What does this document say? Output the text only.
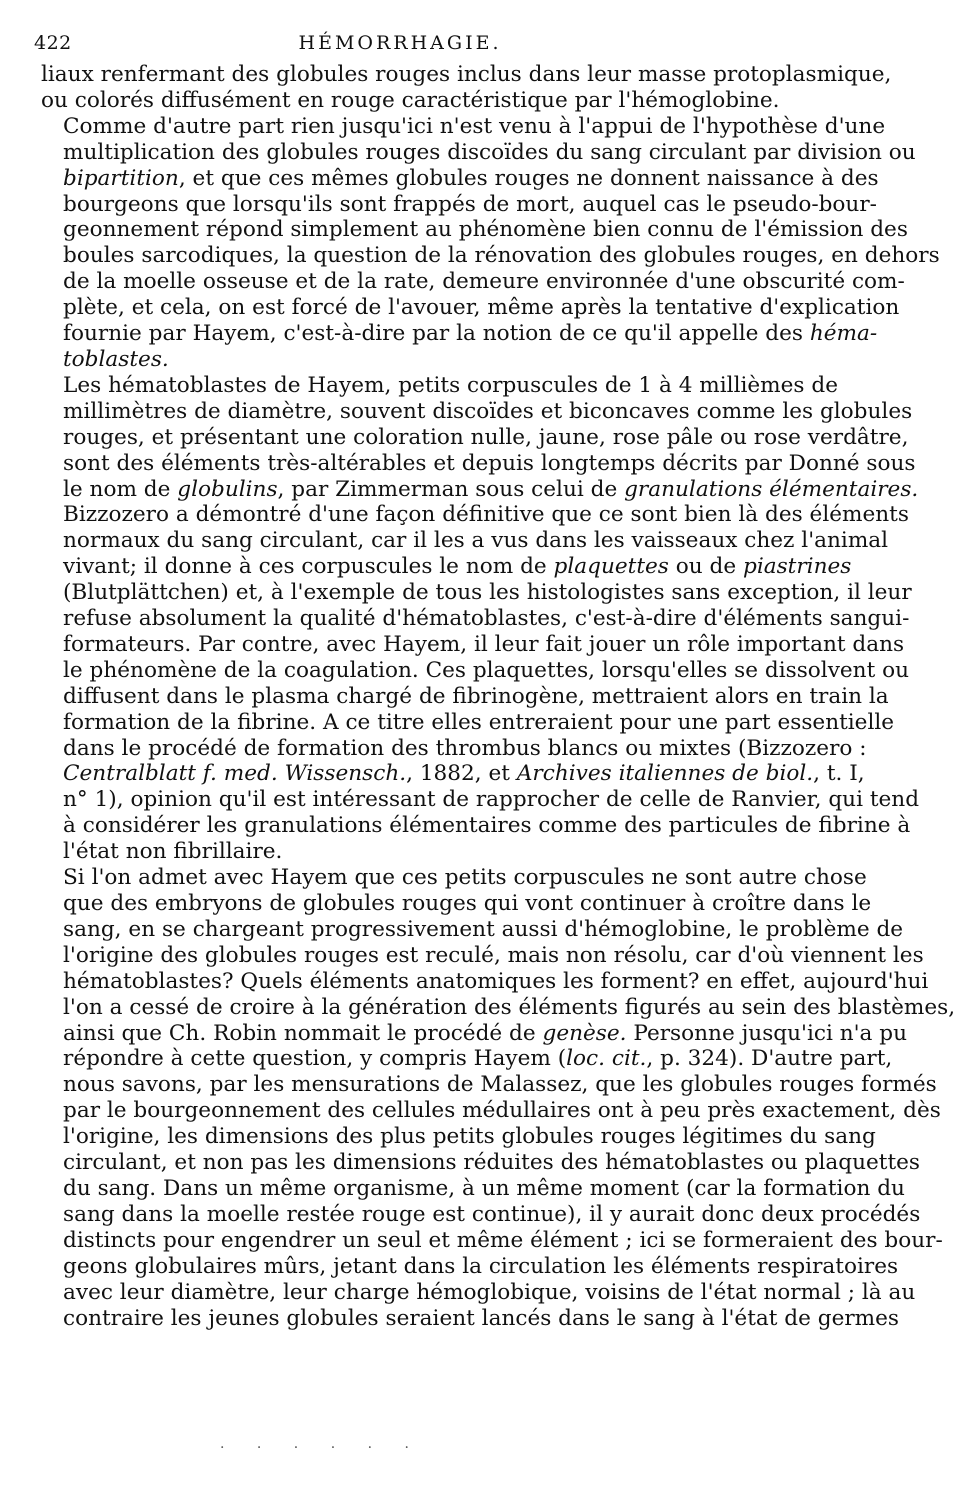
422	HÉMORRHAGIE.

liaux renfermant des globules rouges inclus dans leur masse protoplasmique,
ou colorés diffusément en rouge caractéristique par l'hémoglobine.

Comme d'autre part rien jusqu'ici n'est venu à l'appui de l'hypothèse d'une
multiplication des globules rouges discoïdes du sang circulant par division ou
bipartition, et que ces mêmes globules rouges ne donnent naissance à des
bourgeons que lorsqu'ils sont frappés de mort, auquel cas le pseudo-bour-
geonnement répond simplement au phénomène bien connu de l'émission des
boules sarcodiques, la question de la rénovation des globules rouges, en dehors
de la moelle osseuse et de la rate, demeure environnée d'une obscurité com-
plète, et cela, on est forcé de l'avouer, même après la tentative d'explication
fournie par Hayem, c'est-à-dire par la notion de ce qu'il appelle des héma-
toblastes.

Les hématoblastes de Hayem, petits corpuscules de 1 à 4 millièmes de
millimètres de diamètre, souvent discoïdes et biconcaves comme les globules
rouges, et présentant une coloration nulle, jaune, rose pâle ou rose verdâtre,
sont des éléments très-altérables et depuis longtemps décrits par Donné sous
le nom de globulins, par Zimmerman sous celui de granulations élémentaires.
Bizzozero a démontré d'une façon définitive que ce sont bien là des éléments
normaux du sang circulant, car il les a vus dans les vaisseaux chez l'animal
vivant; il donne à ces corpuscules le nom de plaquettes ou de piastrines
(Blutplättchen) et, à l'exemple de tous les histologistes sans exception, il leur
refuse absolument la qualité d'hématoblastes, c'est-à-dire d'éléments sangui-
formateurs. Par contre, avec Hayem, il leur fait jouer un rôle important dans
le phénomène de la coagulation. Ces plaquettes, lorsqu'elles se dissolvent ou
diffusent dans le plasma chargé de fibrinogène, mettraient alors en train la
formation de la fibrine. A ce titre elles entreraient pour une part essentielle
dans le procédé de formation des thrombus blancs ou mixtes (Bizzozero :
Centralblatt f. med. Wissensch., 1882, et Archives italiennes de biol., t. I,
n° 1), opinion qu'il est intéressant de rapprocher de celle de Ranvier, qui tend
à considérer les granulations élémentaires comme des particules de fibrine à
l'état non fibrillaire.

Si l'on admet avec Hayem que ces petits corpuscules ne sont autre chose
que des embryons de globules rouges qui vont continuer à croître dans le
sang, en se chargeant progressivement aussi d'hémoglobine, le problème de
l'origine des globules rouges est reculé, mais non résolu, car d'où viennent les
hématoblastes? Quels éléments anatomiques les forment? en effet, aujourd'hui
l'on a cessé de croire à la génération des éléments figurés au sein des blastèmes,
ainsi que Ch. Robin nommait le procédé de genèse. Personne jusqu'ici n'a pu
répondre à cette question, y compris Hayem (loc. cit., p. 324). D'autre part,
nous savons, par les mensurations de Malassez, que les globules rouges formés
par le bourgeonnement des cellules médullaires ont à peu près exactement, dès
l'origine, les dimensions des plus petits globules rouges légitimes du sang
circulant, et non pas les dimensions réduites des hématoblastes ou plaquettes
du sang. Dans un même organisme, à un même moment (car la formation du
sang dans la moelle restée rouge est continue), il y aurait donc deux procédés
distincts pour engendrer un seul et même élément ; ici se formeraient des bour-
geons globulaires mûrs, jetant dans la circulation les éléments respiratoires
avec leur diamètre, leur charge hémoglobique, voisins de l'état normal ; là au
contraire les jeunes globules seraient lancés dans le sang à l'état de germes

· · · · · ·
